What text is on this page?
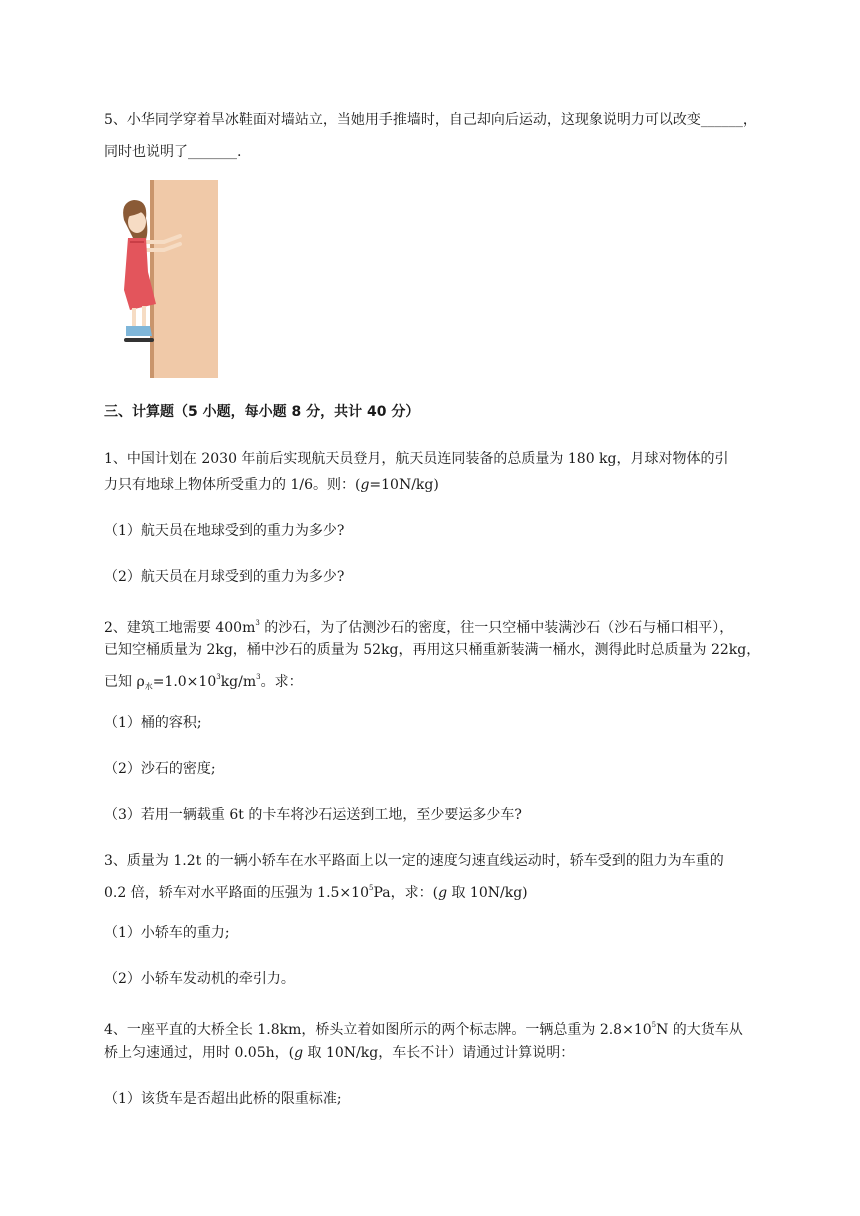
5、小华同学穿着旱冰鞋面对墙站立，当她用手推墙时，自己却向后运动，这现象说明力可以改变______，
同时也说明了_______.
三、计算题（5 小题，每小题 8 分，共计 40 分）
1、中国计划在 2030 年前后实现航天员登月，航天员连同装备的总质量为 180 kg，月球对物体的引
力只有地球上物体所受重力的 1/6。则：(g=10N/kg)
（1）航天员在地球受到的重力为多少?
（2）航天员在月球受到的重力为多少?
2、建筑工地需要 $400m^3$ 的沙石，为了估测沙石的密度，往一只空桶中装满沙石（沙石与桶口相平），
已知空桶质量为 2kg，桶中沙石的质量为 52kg，再用这只桶重新装满一桶水，测得此时总质量为 22kg，
已知 $\rho_水=1.0\times 10^3kg/m^3$。求：
（1）桶的容积;
（2）沙石的密度;
（3）若用一辆载重 6t 的卡车将沙石运送到工地，至少要运多少车?
3、质量为 1.2t 的一辆小轿车在水平路面上以一定的速度匀速直线运动时，轿车受到的阻力为车重的
0.2 倍，轿车对水平路面的压强为 $1.5\times 10^5Pa$，求：(g 取 10N/kg)
（1）小轿车的重力;
（2）小轿车发动机的牵引力。
4、一座平直的大桥全长 1.8km，桥头立着如图所示的两个标志牌。一辆总重为 $2.8\times 10^5N$ 的大货车从
桥上匀速通过，用时 0.05h，(g 取 10N/kg，车长不计）请通过计算说明：
（1）该货车是否超出此桥的限重标准;
